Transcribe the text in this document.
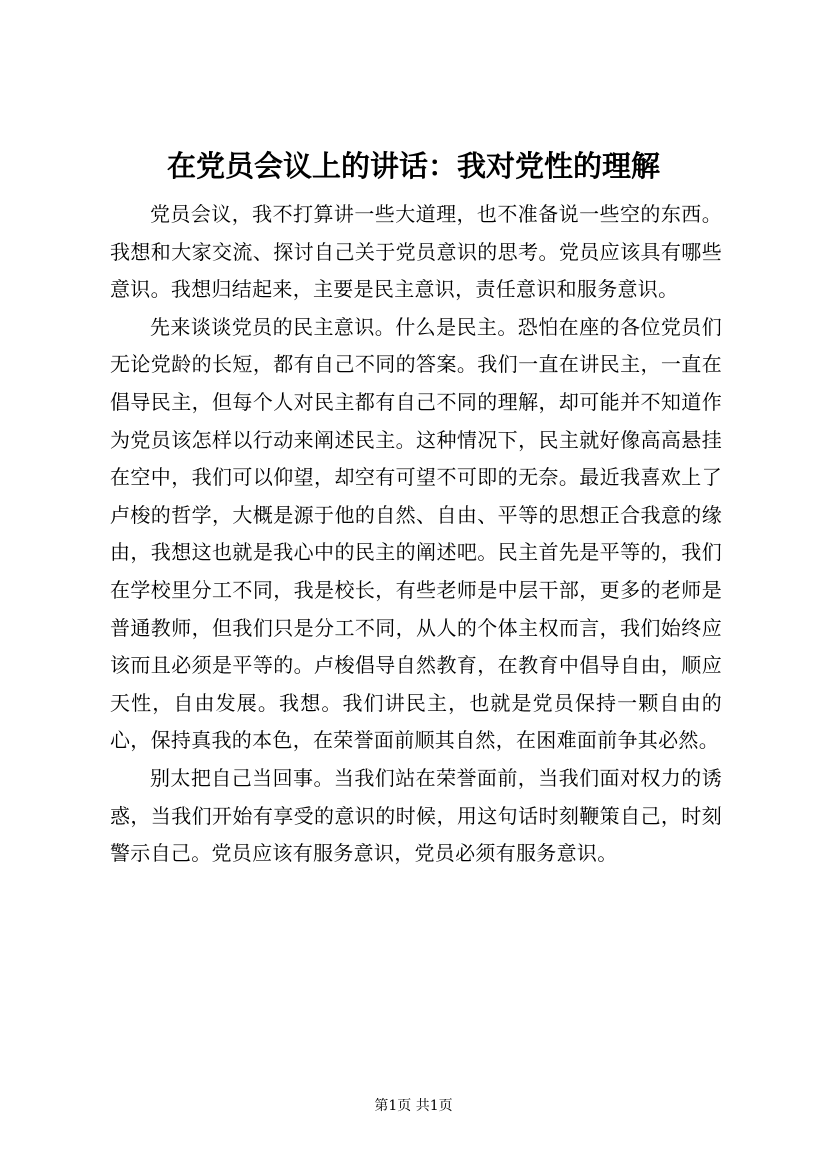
在党员会议上的讲话：我对党性的理解

党员会议，我不打算讲一些大道理，也不准备说一些空的东西。我想和大家交流、探讨自己关于党员意识的思考。党员应该具有哪些意识。我想归结起来，主要是民主意识，责任意识和服务意识。

先来谈谈党员的民主意识。什么是民主。恐怕在座的各位党员们无论党龄的长短，都有自己不同的答案。我们一直在讲民主，一直在倡导民主，但每个人对民主都有自己不同的理解，却可能并不知道作为党员该怎样以行动来阐述民主。这种情况下，民主就好像高高悬挂在空中，我们可以仰望，却空有可望不可即的无奈。最近我喜欢上了卢梭的哲学，大概是源于他的自然、自由、平等的思想正合我意的缘由，我想这也就是我心中的民主的阐述吧。民主首先是平等的，我们在学校里分工不同，我是校长，有些老师是中层干部，更多的老师是普通教师，但我们只是分工不同，从人的个体主权而言，我们始终应该而且必须是平等的。卢梭倡导自然教育，在教育中倡导自由，顺应天性，自由发展。我想。我们讲民主，也就是党员保持一颗自由的心，保持真我的本色，在荣誉面前顺其自然，在困难面前争其必然。

别太把自己当回事。当我们站在荣誉面前，当我们面对权力的诱惑，当我们开始有享受的意识的时候，用这句话时刻鞭策自己，时刻警示自己。党员应该有服务意识，党员必须有服务意识。

第1页 共1页
